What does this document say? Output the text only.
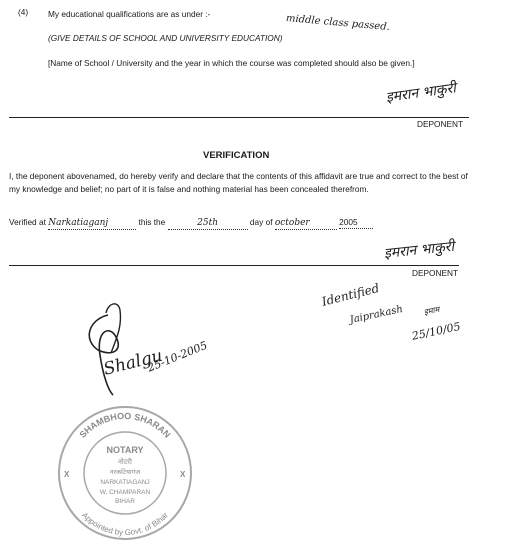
(4) My educational qualifications are as under :-	middle class passed.
(GIVE DETAILS OF SCHOOL AND UNIVERSITY EDUCATION)
[Name of School / University and the year in which the course was completed should also be given.]
इमरान भाकुरी
DEPONENT
VERIFICATION
I, the deponent abovenamed, do hereby verify and declare that the contents of this affidavit are true and correct to the best of my knowledge and belief; no part of it is false and nothing material has been concealed therefrom.
Verified at Narkatiaganj	this the	25th	day of october	2005
इमरान भाकुरी
DEPONENT
Identified
Jaiprakash इमाम
25/10/05
Shalgu
25-10-2005
SHAMBHOO SHARAN
Appointed by Govt. of Bihar
X	X
NOTARY
नोटरी
नरकटियागंज
NARKATIAGANJ
W. CHAMPARAN
BIHAR
